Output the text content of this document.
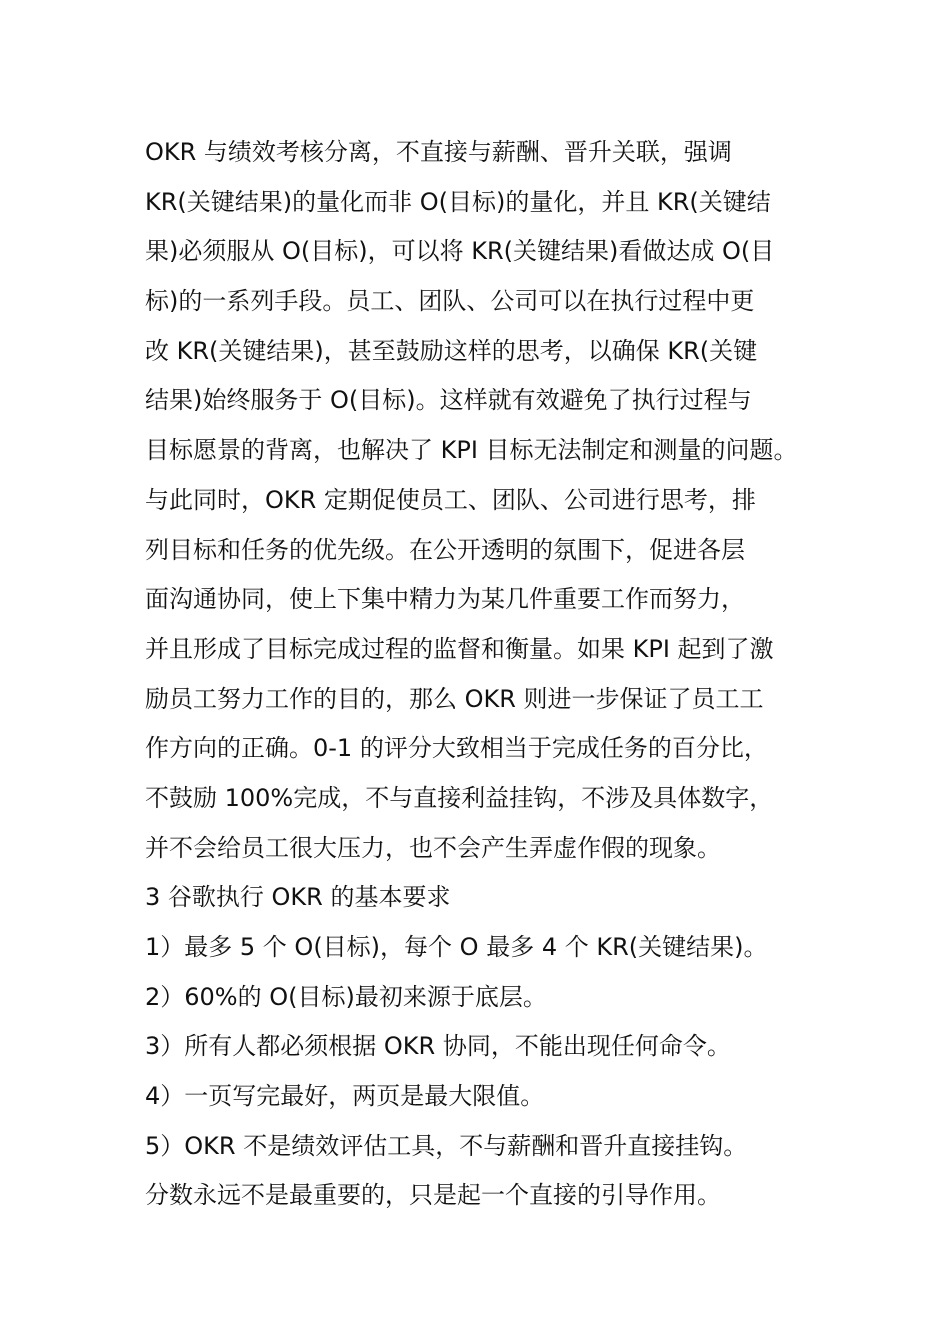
OKR 与绩效考核分离，不直接与薪酬、晋升关联，强调
KR(关键结果)的量化而非 O(目标)的量化，并且 KR(关键结
果)必须服从 O(目标)，可以将 KR(关键结果)看做达成 O(目
标)的一系列手段。员工、团队、公司可以在执行过程中更
改 KR(关键结果)，甚至鼓励这样的思考，以确保 KR(关键
结果)始终服务于 O(目标)。这样就有效避免了执行过程与
目标愿景的背离，也解决了 KPI 目标无法制定和测量的问题。
与此同时，OKR 定期促使员工、团队、公司进行思考，排
列目标和任务的优先级。在公开透明的氛围下，促进各层
面沟通协同，使上下集中精力为某几件重要工作而努力，
并且形成了目标完成过程的监督和衡量。如果 KPI 起到了激
励员工努力工作的目的，那么 OKR 则进一步保证了员工工
作方向的正确。0-1 的评分大致相当于完成任务的百分比，
不鼓励 100%完成，不与直接利益挂钩，不涉及具体数字，
并不会给员工很大压力，也不会产生弄虚作假的现象。
3 谷歌执行 OKR 的基本要求
1）最多 5 个 O(目标)，每个 O 最多 4 个 KR(关键结果)。
2）60%的 O(目标)最初来源于底层。
3）所有人都必须根据 OKR 协同，不能出现任何命令。
4）一页写完最好，两页是最大限值。
5）OKR 不是绩效评估工具，不与薪酬和晋升直接挂钩。
分数永远不是最重要的，只是起一个直接的引导作用。
